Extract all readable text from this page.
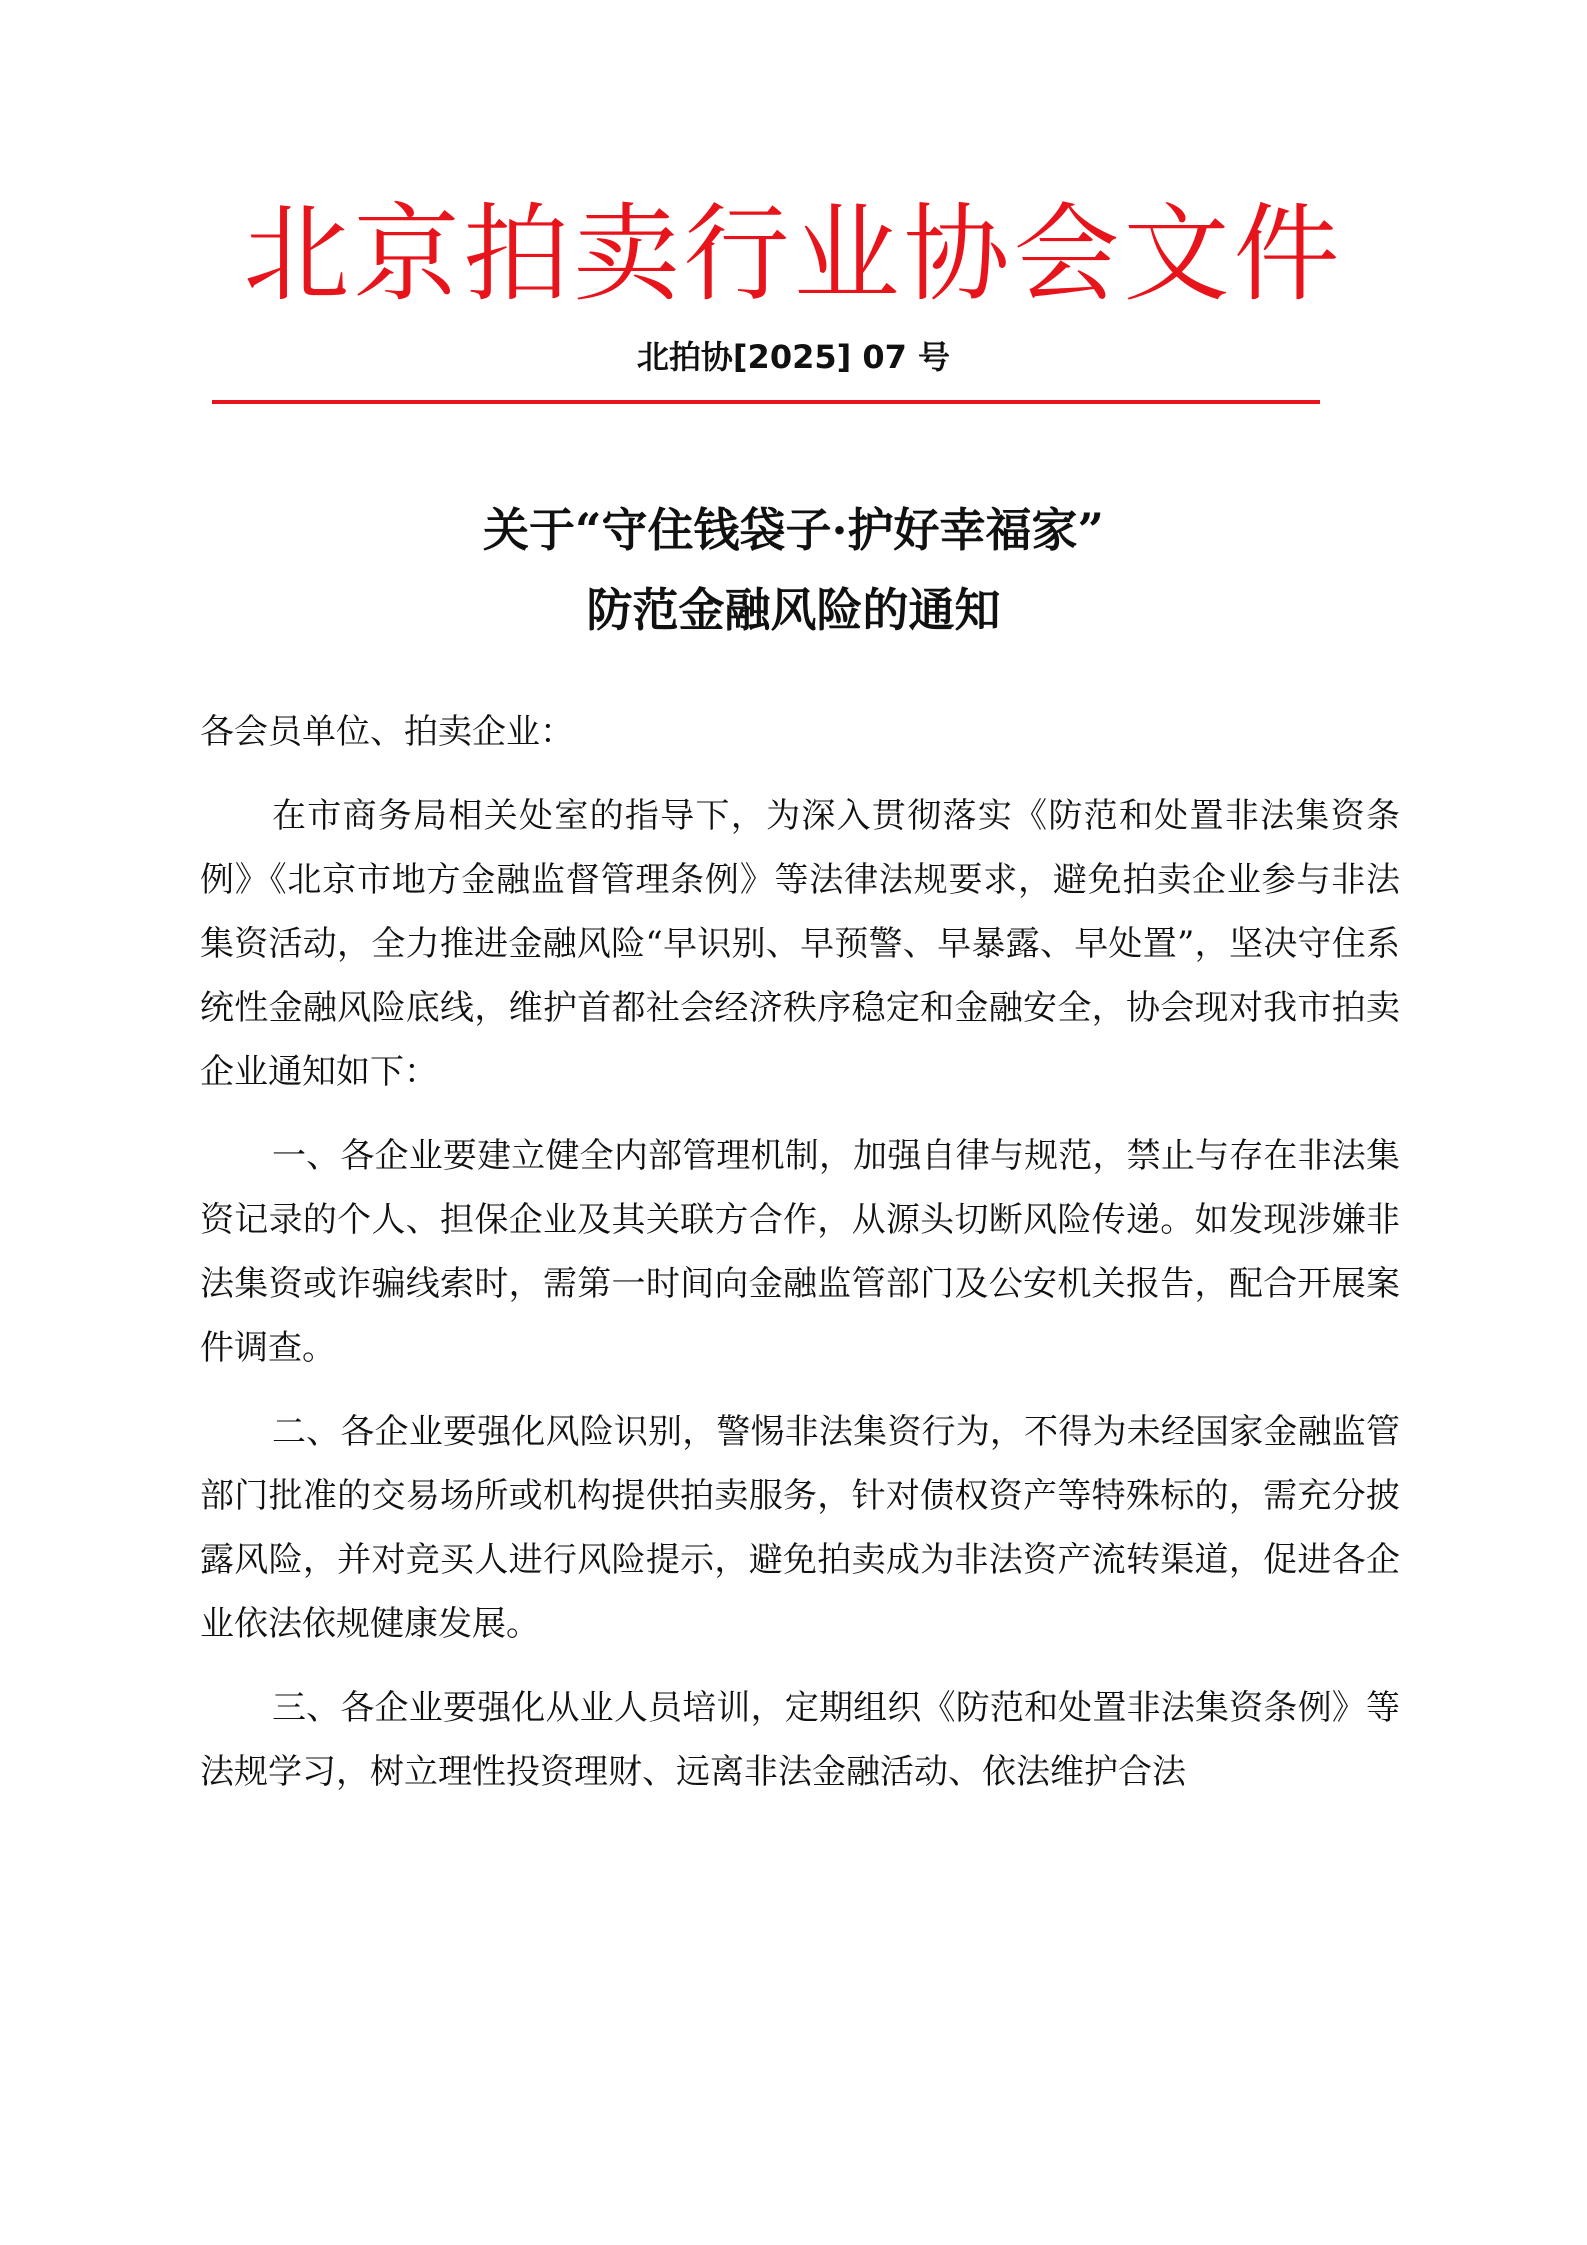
北京拍卖行业协会文件
北拍协[2025] 07 号
关于“守住钱袋子·护好幸福家”
防范金融风险的通知

各会员单位、拍卖企业：

在市商务局相关处室的指导下，为深入贯彻落实《防范和处置非法集资条例》《北京市地方金融监督管理条例》等法律法规要求，避免拍卖企业参与非法集资活动，全力推进金融风险“早识别、早预警、早暴露、早处置”，坚决守住系统性金融风险底线，维护首都社会经济秩序稳定和金融安全，协会现对我市拍卖企业通知如下：

一、各企业要建立健全内部管理机制，加强自律与规范，禁止与存在非法集资记录的个人、担保企业及其关联方合作，从源头切断风险传递。如发现涉嫌非法集资或诈骗线索时，需第一时间向金融监管部门及公安机关报告，配合开展案件调查。

二、各企业要强化风险识别，警惕非法集资行为，不得为未经国家金融监管部门批准的交易场所或机构提供拍卖服务，针对债权资产等特殊标的，需充分披露风险，并对竞买人进行风险提示，避免拍卖成为非法资产流转渠道，促进各企业依法依规健康发展。

三、各企业要强化从业人员培训，定期组织《防范和处置非法集资条例》等法规学习，树立理性投资理财、远离非法金融活动、依法维护合法
